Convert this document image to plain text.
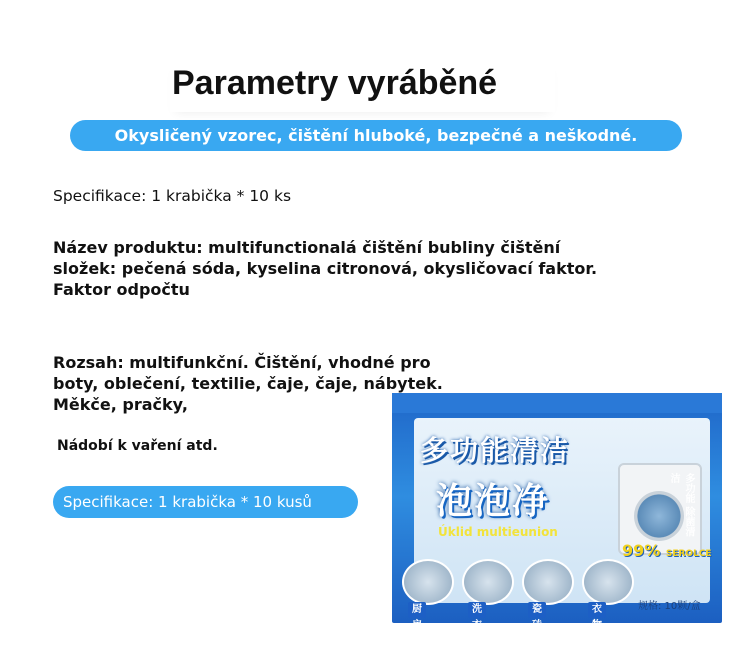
Parametry vyráběné
Okysličený vzorec, čištění hluboké, bezpečné a neškodné.
Specifikace: 1 krabička * 10 ks
Název produktu: multifunctionalá čištění bubliny čištění
složek: pečená sóda, kyselina citronová, okysličovací faktor.
Faktor odpočtu
Rozsah: multifunkční. Čištění, vhodné pro
boty, oblečení, textilie, čaje, čaje, nábytek.
Měkče, pračky,
Nádobí k vaření atd.
Specifikace: 1 krabička * 10 kusů
多功能清洁
泡泡净
Úklid multieunion
99% SEROLCE
多功能 除菌清洁
厨房用品
洗衣机
瓷砖清洁
衣物清洁
规格: 10颗/盒
